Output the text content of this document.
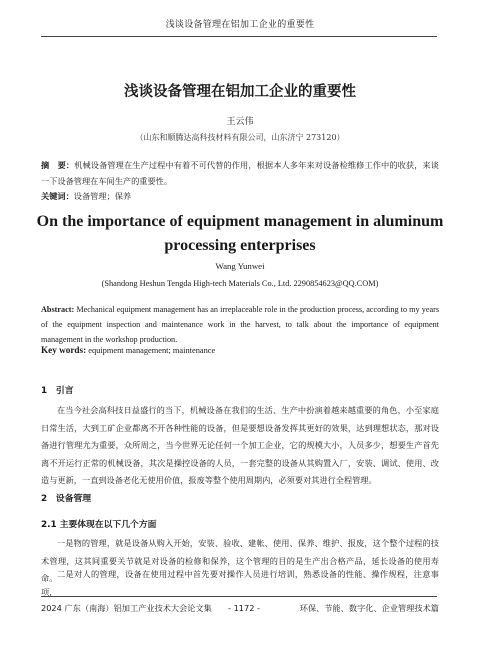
浅谈设备管理在铝加工企业的重要性
浅谈设备管理在铝加工企业的重要性
王云伟
（山东和顺腾达高科技材料有限公司，山东济宁 273120）
摘　要：机械设备管理在生产过程中有着不可代替的作用，根据本人多年来对设备检维修工作中的收获，来谈一下设备管理在车间生产的重要性。
关键词：设备管理；保养
On the importance of equipment management in aluminum processing enterprises
Wang Yunwei
(Shandong Heshun Tengda High-tech Materials Co., Ltd. 2290854623@QQ.COM)
Abstract: Mechanical equipment management has an irreplaceable role in the production process, according to my years of the equipment inspection and maintenance work in the harvest, to talk about the importance of equipment management in the workshop production.
Key words: equipment management; maintenance
1　引言
在当今社会高科技日益盛行的当下，机械设备在我们的生活、生产中扮演着越来越重要的角色，小至家庭日常生活，大到工矿企业都离不开各种性能的设备，但是要想设备发挥其更好的效果，达到理想状态，那对设备进行管理尤为重要，众所周之，当今世界无论任何一个加工企业，它的规模大小，人员多少，想要生产首先离不开运行正常的机械设备，其次是操控设备的人员，一套完整的设备从其购置入厂，安装、调试、使用、改造与更新，一直到设备老化无使用价值，报废等整个使用周期内，必须要对其进行全程管理。
2　设备管理
2.1 主要体现在以下几个方面
一是物的管理，就是设备从购入开始，安装、验收、建帐、使用、保养、维护、报废，这个整个过程的技术管理，这其间重要关节就是对设备的检修和保养，这个管理的目的是生产出合格产品，延长设备的使用寿命。 二是对人的管理，设备在使用过程中首先要对操作人员进行培训，熟悉设备的性能、操作规程，注意事项，
2024 广东（南海）铝加工产业技术大会论文集	- 1172 -	环保、节能、数字化、企业管理技术篇
